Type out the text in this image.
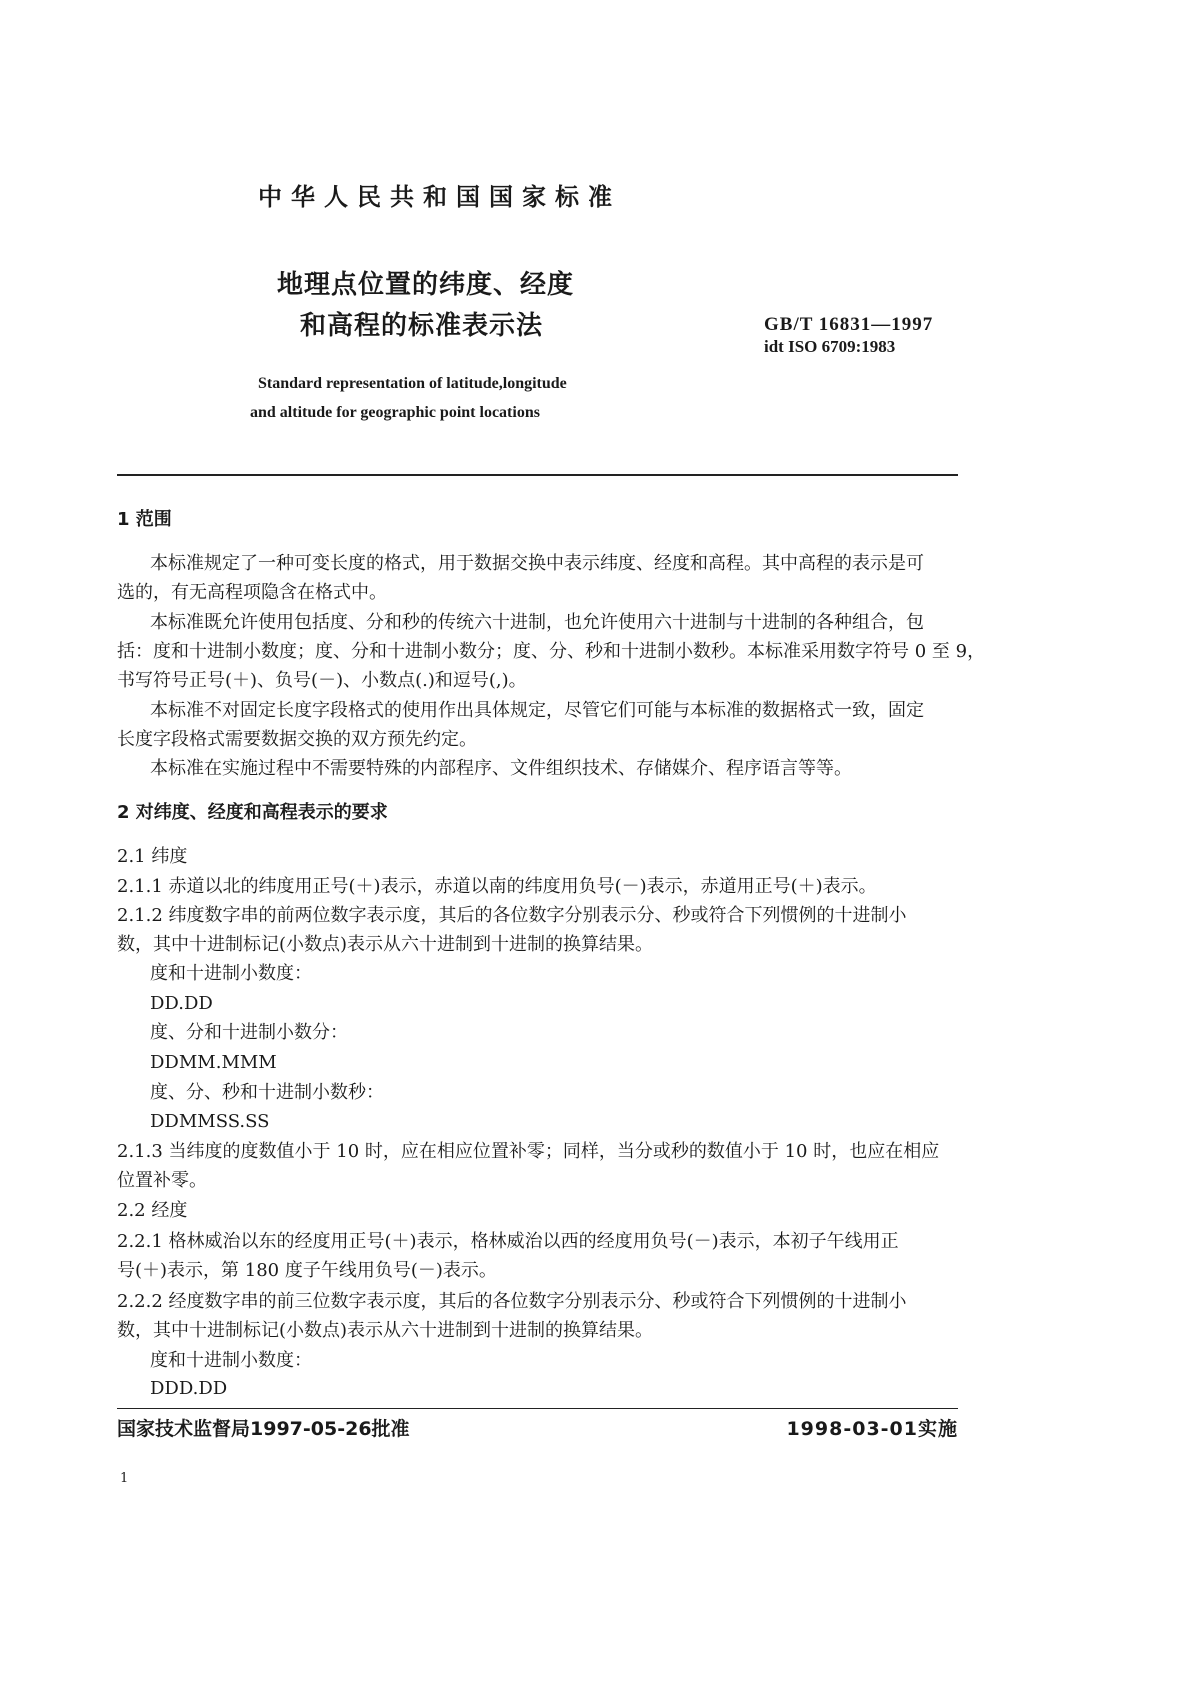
中华人民共和国国家标准
地理点位置的纬度、经度
和高程的标准表示法	GB/T 16831—1997
idt ISO 6709:1983
Standard representation of latitude,longitude
and altitude for geographic point locations
1 范围
本标准规定了一种可变长度的格式，用于数据交换中表示纬度、经度和高程。其中高程的表示是可
选的，有无高程项隐含在格式中。
本标准既允许使用包括度、分和秒的传统六十进制，也允许使用六十进制与十进制的各种组合，包
括：度和十进制小数度；度、分和十进制小数分；度、分、秒和十进制小数秒。本标准采用数字符号 0 至 9，
书写符号正号(＋)、负号(－)、小数点(.)和逗号(,)。
本标准不对固定长度字段格式的使用作出具体规定，尽管它们可能与本标准的数据格式一致，固定
长度字段格式需要数据交换的双方预先约定。
本标准在实施过程中不需要特殊的内部程序、文件组织技术、存储媒介、程序语言等等。
2 对纬度、经度和高程表示的要求
2.1 纬度
2.1.1 赤道以北的纬度用正号(＋)表示，赤道以南的纬度用负号(－)表示，赤道用正号(＋)表示。
2.1.2 纬度数字串的前两位数字表示度，其后的各位数字分别表示分、秒或符合下列惯例的十进制小
数，其中十进制标记(小数点)表示从六十进制到十进制的换算结果。
度和十进制小数度：
DD.DD
度、分和十进制小数分：
DDMM.MMM
度、分、秒和十进制小数秒：
DDMMSS.SS
2.1.3 当纬度的度数值小于 10 时，应在相应位置补零；同样，当分或秒的数值小于 10 时，也应在相应
位置补零。
2.2 经度
2.2.1 格林威治以东的经度用正号(＋)表示，格林威治以西的经度用负号(－)表示，本初子午线用正
号(＋)表示，第 180 度子午线用负号(－)表示。
2.2.2 经度数字串的前三位数字表示度，其后的各位数字分别表示分、秒或符合下列惯例的十进制小
数，其中十进制标记(小数点)表示从六十进制到十进制的换算结果。
度和十进制小数度：
DDD.DD
国家技术监督局1997-05-26批准	1998-03-01实施
1
